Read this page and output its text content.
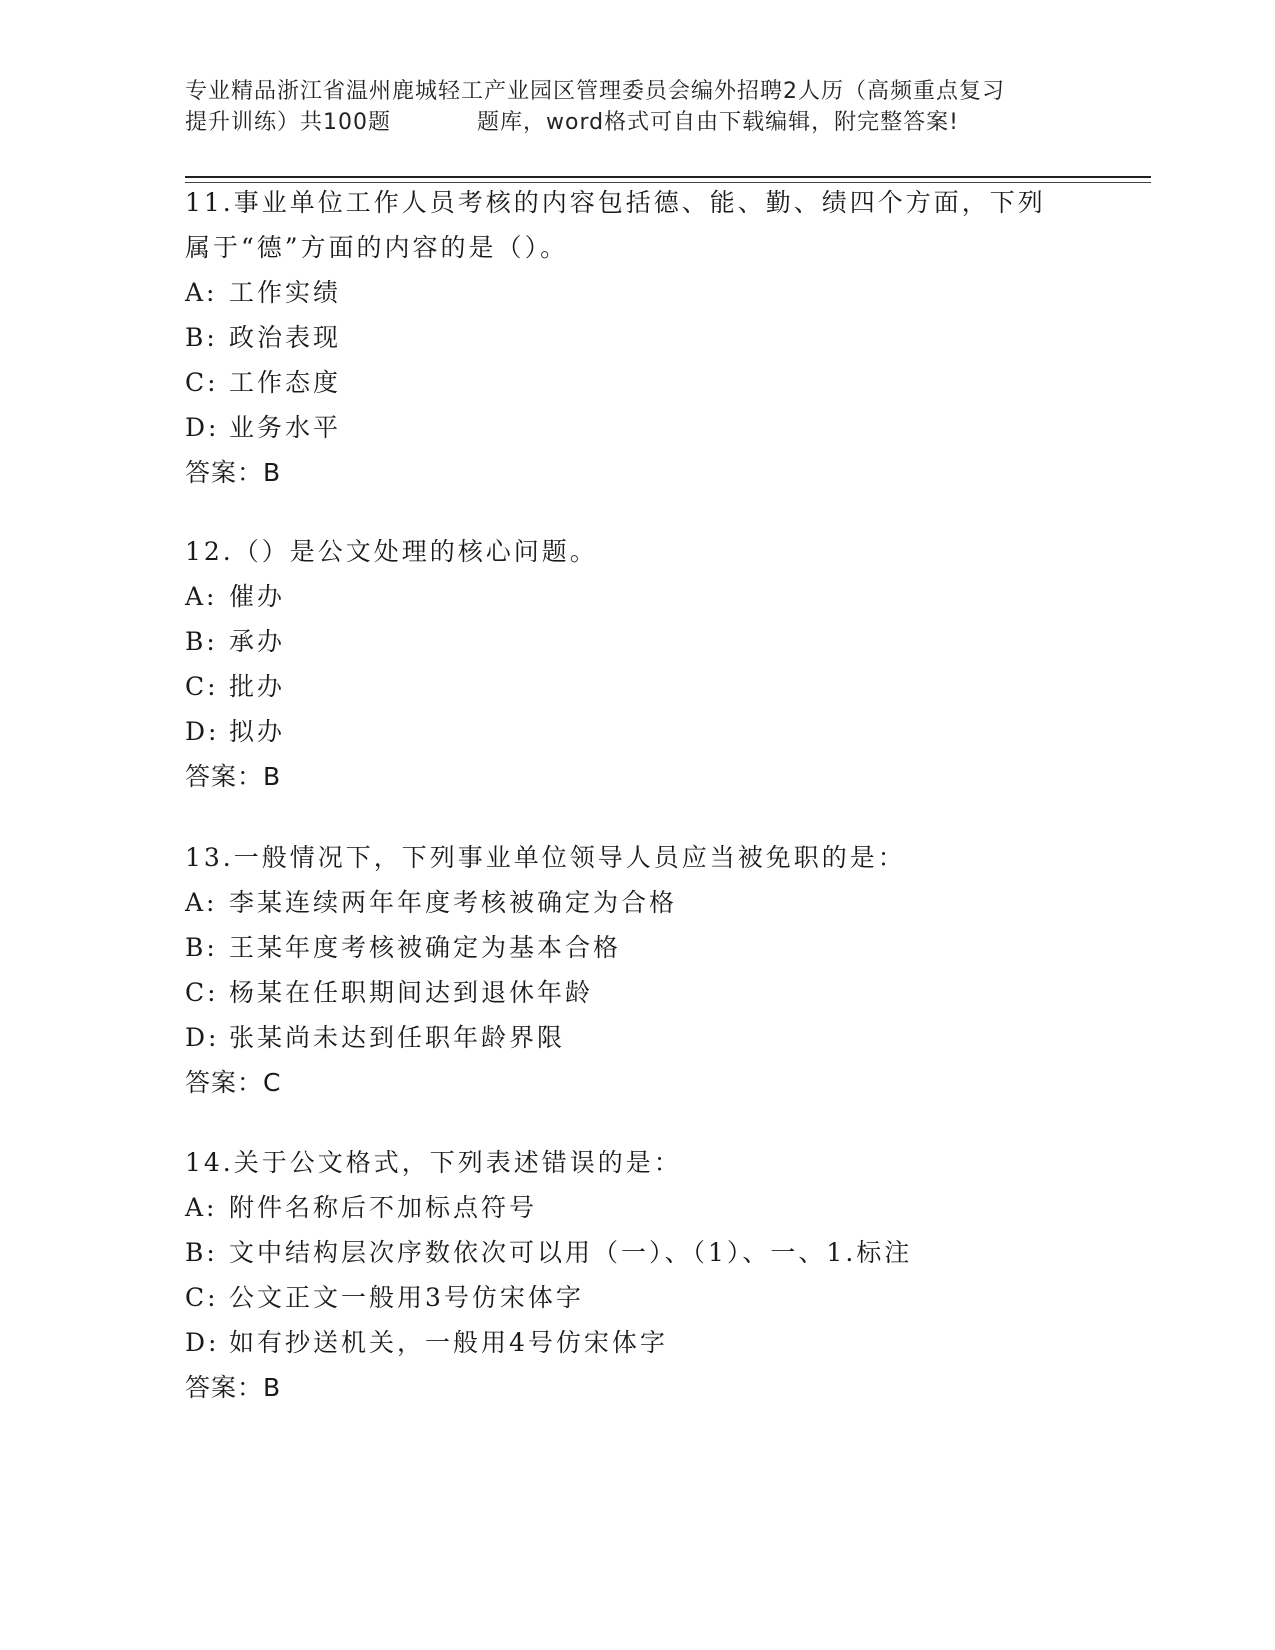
专业精品浙江省温州鹿城轻工产业园区管理委员会编外招聘2人历（高频重点复习
提升训练）共100题	题库，word格式可自由下载编辑，附完整答案!
11.事业单位工作人员考核的内容包括德、能、勤、绩四个方面，下列
属于“德”方面的内容的是（）。
A: 工作实绩
B: 政治表现
C: 工作态度
D: 业务水平
答案：B
12.（）是公文处理的核心问题。
A: 催办
B: 承办
C: 批办
D: 拟办
答案：B
13.一般情况下，下列事业单位领导人员应当被免职的是：
A: 李某连续两年年度考核被确定为合格
B: 王某年度考核被确定为基本合格
C: 杨某在任职期间达到退休年龄
D: 张某尚未达到任职年龄界限
答案：C
14.关于公文格式，下列表述错误的是：
A: 附件名称后不加标点符号
B: 文中结构层次序数依次可以用（一）、（1）、一、1.标注
C: 公文正文一般用3号仿宋体字
D: 如有抄送机关，一般用4号仿宋体字
答案：B
